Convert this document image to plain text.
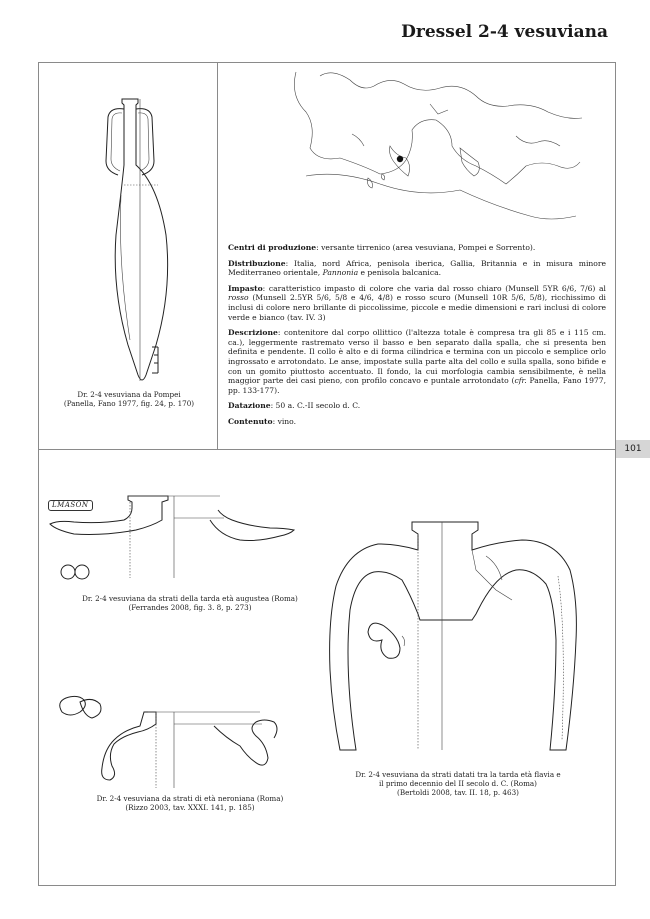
Dressel 2-4 vesuviana
101
Dr. 2-4 vesuviana da Pompei
(Panella, Fano 1977, fig. 24, p. 170)

Centri di produzione: versante tirrenico (area vesuviana, Pompei e Sorrento).

Distribuzione: Italia, nord Africa, penisola iberica, Gallia, Britannia e in misura minore Mediterraneo orientale, Pannonia e penisola balcanica.

Impasto: caratteristico impasto di colore che varia dal rosso chiaro (Munsell 5YR 6/6, 7/6) al rosso (Munsell 2.5YR 5/6, 5/8 e 4/6, 4/8) e rosso scuro (Munsell 10R 5/6, 5/8), ricchissimo di inclusi di colore nero brillante di piccolissime, piccole e medie dimensioni e rari inclusi di colore verde e bianco (tav. IV. 3)

Descrizione: contenitore dal corpo ollittico (l'altezza totale è compresa tra gli 85 e i 115 cm. ca.), leggermente rastremato verso il basso e ben separato dalla spalla, che si presenta ben definita e pendente. Il collo è alto e di forma cilindrica e termina con un piccolo e semplice orlo ingrossato e arrotondato. Le anse, impostate sulla parte alta del collo e sulla spalla, sono bifide e con un gomito piuttosto accentuato. Il fondo, la cui morfologia cambia sensibilmente, è nella maggior parte dei casi pieno, con profilo concavo e puntale arrotondato (cfr. Panella, Fano 1977, pp. 133-177).

Datazione: 50 a. C.-II secolo d. C.

Contenuto: vino.

LMASON
Dr. 2-4 vesuviana da strati della tarda età augustea (Roma)
(Ferrandes 2008, fig. 3. 8, p. 273)
Dr. 2-4 vesuviana da strati di età neroniana (Roma)
(Rizzo 2003, tav. XXXI. 141, p. 185)
Dr. 2-4 vesuviana da strati datati tra la tarda età flavia e
il primo decennio del II secolo d. C. (Roma)
(Bertoldi 2008, tav. II. 18, p. 463)
